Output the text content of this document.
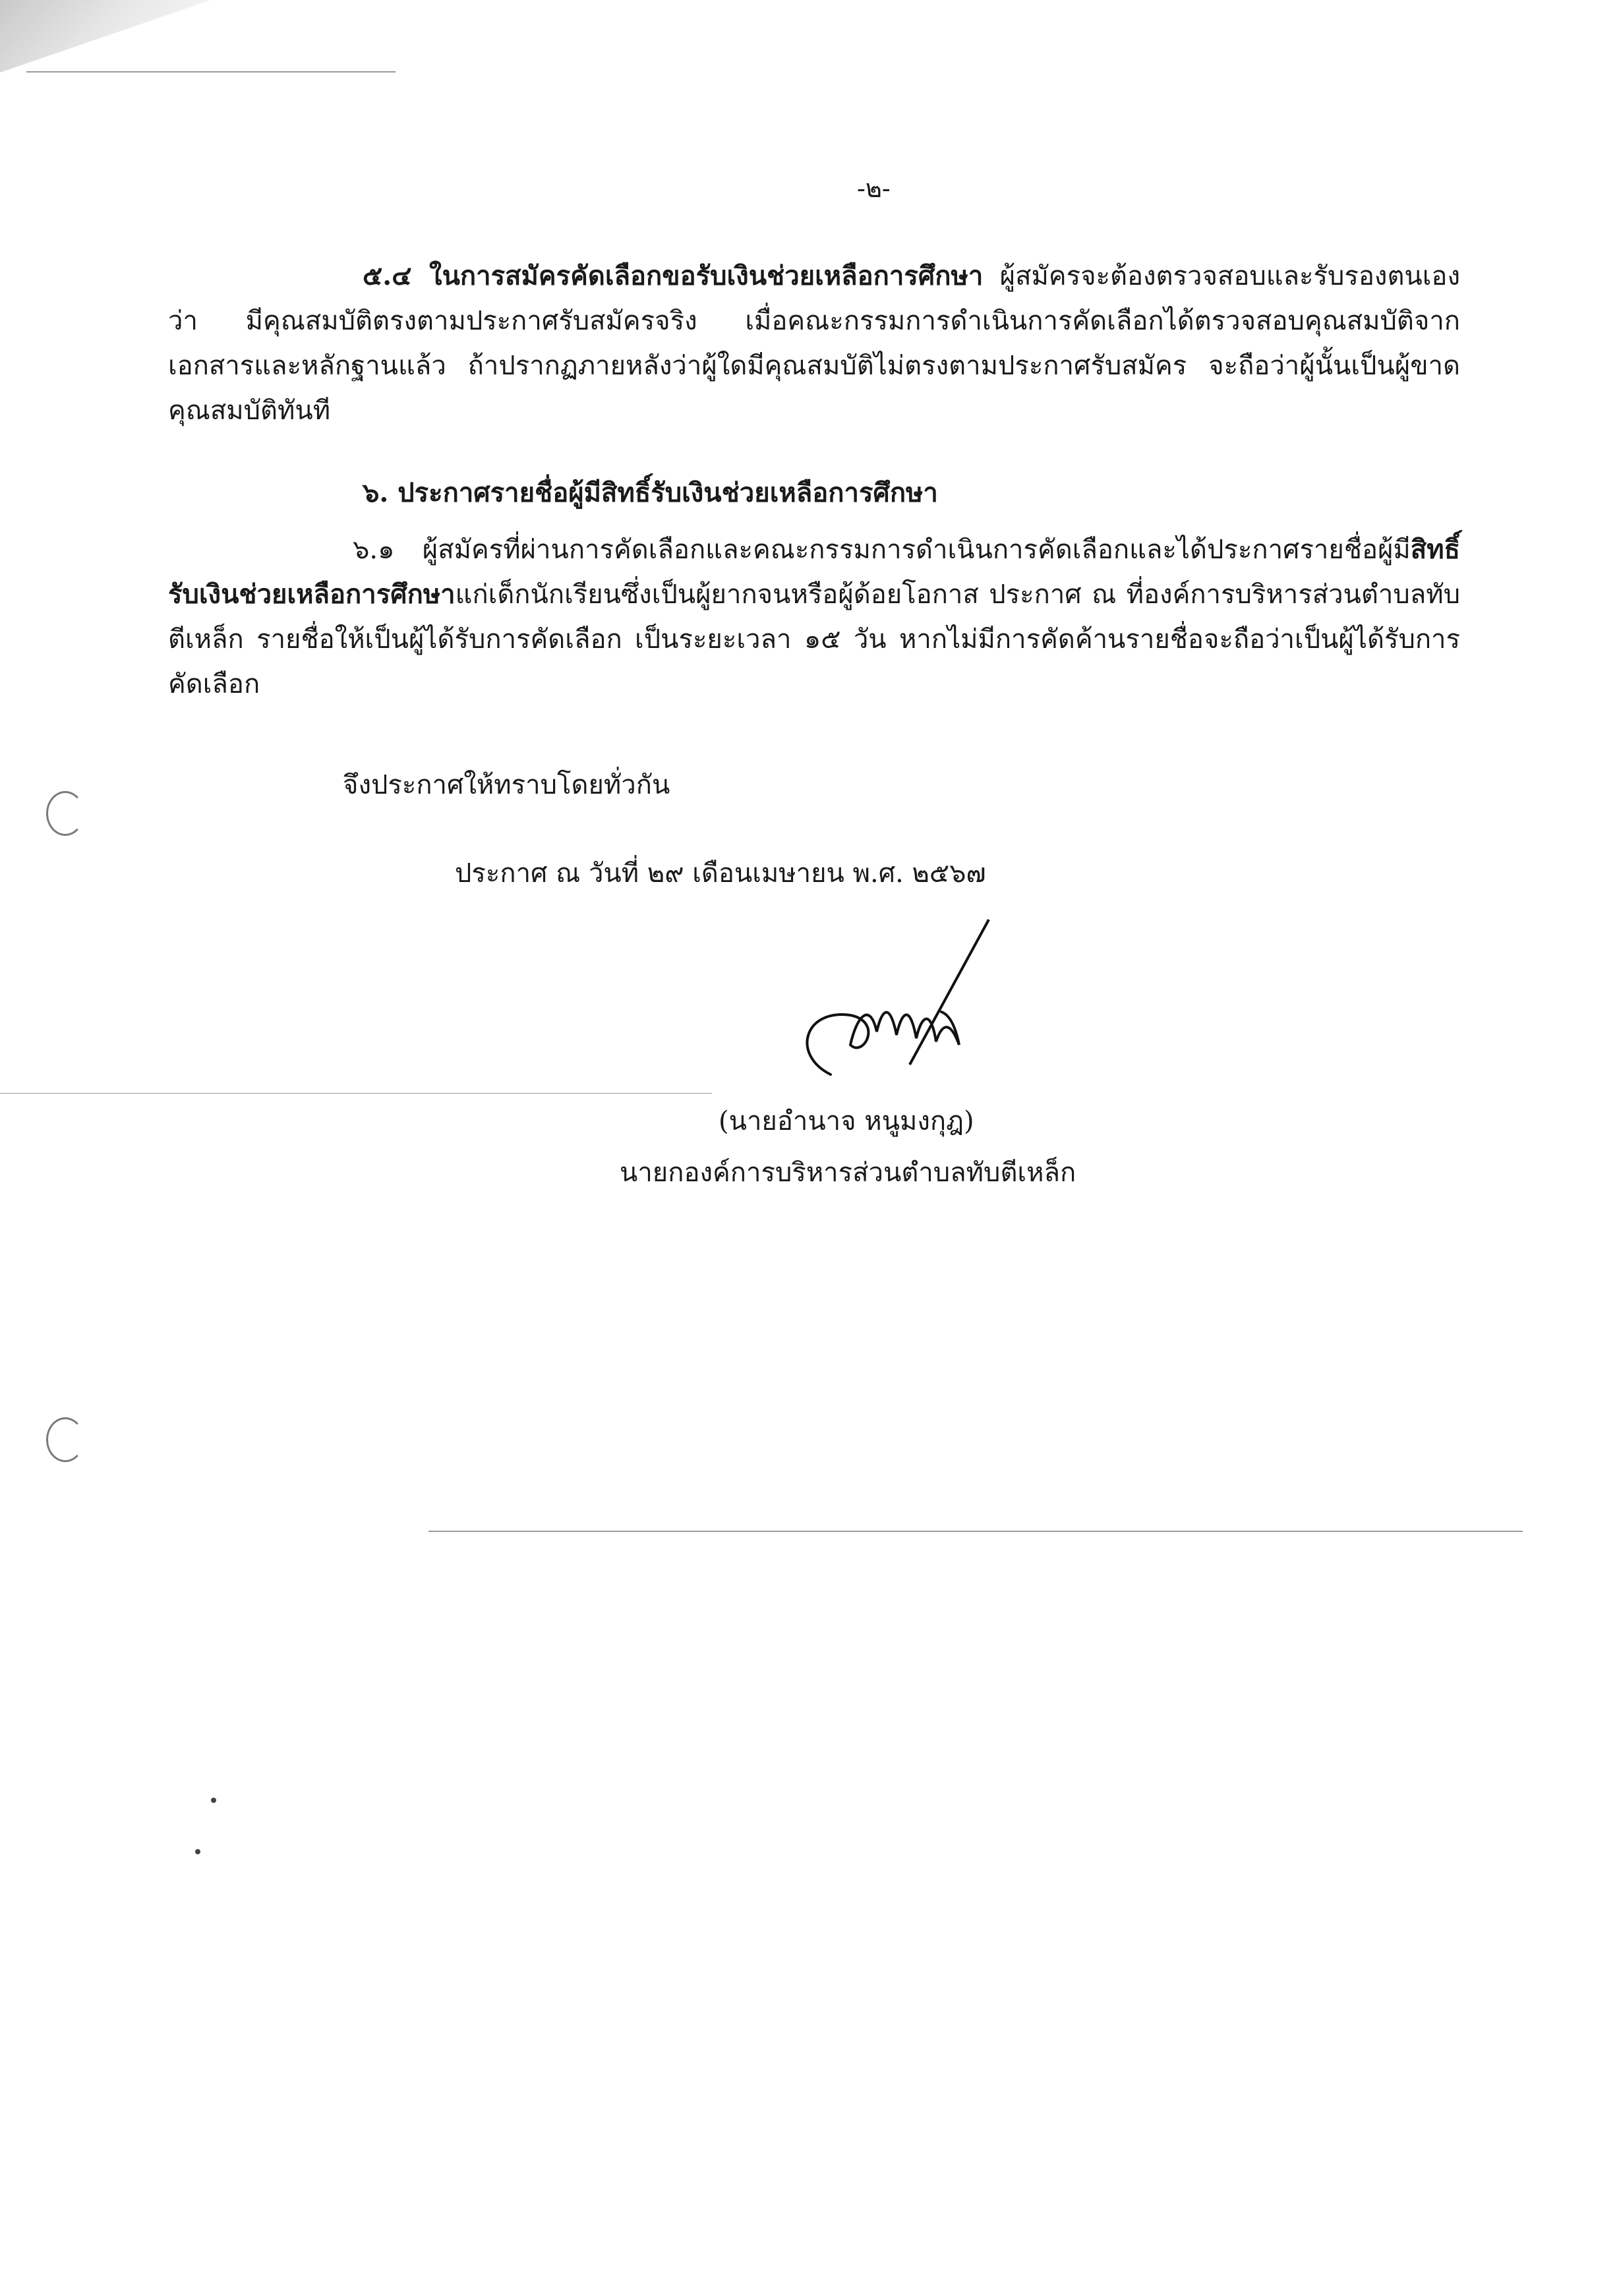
-๒-
๕.๔ ในการสมัครคัดเลือกขอรับเงินช่วยเหลือการศึกษา ผู้สมัครจะต้องตรวจสอบและรับรองตนเองว่า มีคุณสมบัติตรงตามประกาศรับสมัครจริง เมื่อคณะกรรมการดำเนินการคัดเลือกได้ตรวจสอบคุณสมบัติจากเอกสารและหลักฐานแล้ว ถ้าปรากฏภายหลังว่าผู้ใดมีคุณสมบัติไม่ตรงตามประกาศรับสมัคร จะถือว่าผู้นั้นเป็นผู้ขาดคุณสมบัติทันที
๖. ประกาศรายชื่อผู้มีสิทธิ์รับเงินช่วยเหลือการศึกษา
๖.๑ ผู้สมัครที่ผ่านการคัดเลือกและคณะกรรมการดำเนินการคัดเลือกและได้ประกาศรายชื่อผู้มีสิทธิ์รับเงินช่วยเหลือการศึกษาแก่เด็กนักเรียนซึ่งเป็นผู้ยากจนหรือผู้ด้อยโอกาส ประกาศ ณ ที่องค์การบริหารส่วนตำบลทับตีเหล็ก รายชื่อให้เป็นผู้ได้รับการคัดเลือก เป็นระยะเวลา ๑๕ วัน หากไม่มีการคัดค้านรายชื่อจะถือว่าเป็นผู้ได้รับการคัดเลือก
จึงประกาศให้ทราบโดยทั่วกัน
ประกาศ ณ วันที่ ๒๙ เดือนเมษายน พ.ศ. ๒๕๖๗
(นายอำนาจ หนูมงกุฎ)
นายกองค์การบริหารส่วนตำบลทับตีเหล็ก
